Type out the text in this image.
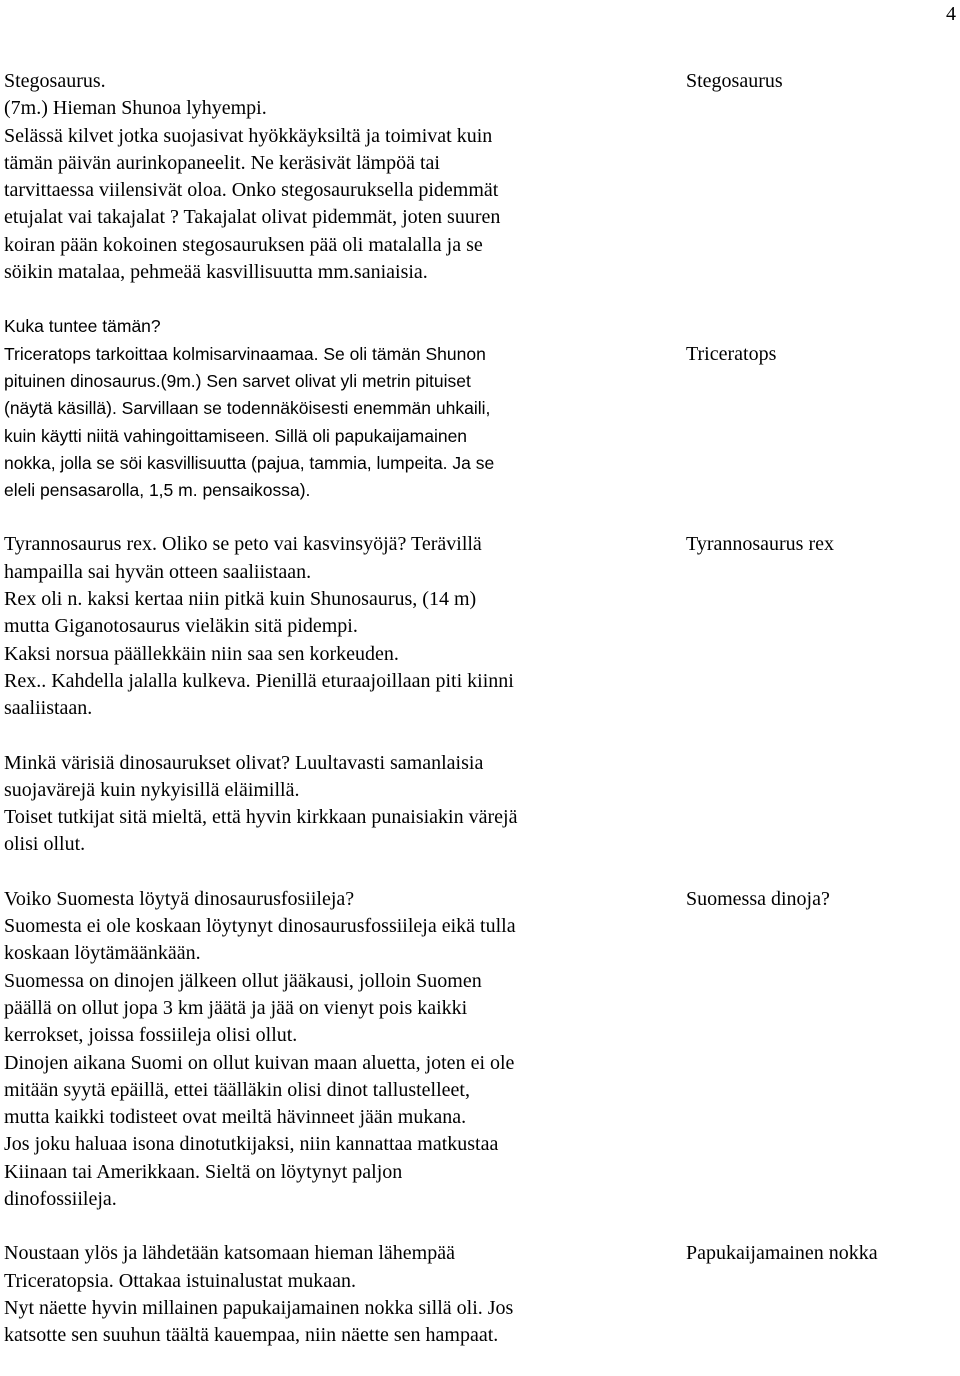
4
Stegosaurus.
(7m.) Hieman Shunoa lyhyempi.
Selässä kilvet jotka suojasivat hyökkäyksiltä ja toimivat kuin
tämän päivän aurinkopaneelit. Ne keräsivät lämpöä tai
tarvittaessa viilensivät oloa. Onko stegosauruksella pidemmät
etujalat vai takajalat ? Takajalat olivat pidemmät, joten suuren
koiran pään kokoinen stegosauruksen pää oli matalalla ja se
söikin matalaa, pehmeää kasvillisuutta mm.saniaisia.
Stegosaurus
Kuka tuntee tämän?
Triceratops tarkoittaa kolmisarvinaamaa. Se oli tämän Shunon
pituinen dinosaurus.(9m.) Sen sarvet olivat yli metrin pituiset
(näytä käsillä). Sarvillaan se todennäköisesti enemmän uhkaili,
kuin käytti niitä vahingoittamiseen. Sillä oli papukaijamainen
nokka, jolla se söi kasvillisuutta (pajua, tammia, lumpeita. Ja se
eleli pensasarolla, 1,5 m. pensaikossa).
Triceratops
Tyrannosaurus rex. Oliko se peto vai kasvinsyöjä? Terävillä
hampailla sai hyvän otteen saaliistaan.
Rex oli n. kaksi kertaa niin pitkä kuin Shunosaurus, (14 m)
mutta Giganotosaurus vieläkin sitä pidempi.
Kaksi norsua päällekkäin niin saa sen korkeuden.
Rex.. Kahdella jalalla kulkeva. Pienillä eturaajoillaan piti kiinni
saaliistaan.
Tyrannosaurus rex
Minkä värisiä dinosaurukset olivat? Luultavasti samanlaisia
suojavärejä kuin nykyisillä eläimillä.
Toiset tutkijat sitä mieltä, että hyvin kirkkaan punaisiakin värejä
olisi ollut.
Voiko Suomesta löytyä dinosaurusfosiileja?
Suomesta ei ole koskaan löytynyt dinosaurusfossiileja eikä tulla
koskaan löytämäänkään.
Suomessa on dinojen jälkeen ollut jääkausi, jolloin Suomen
päällä on ollut jopa 3 km jäätä ja jää on vienyt pois kaikki
kerrokset, joissa fossiileja olisi ollut.
Dinojen aikana Suomi on ollut kuivan maan aluetta, joten ei ole
mitään syytä epäillä, ettei täälläkin olisi dinot tallustelleet,
mutta kaikki todisteet ovat meiltä hävinneet jään mukana.
Jos joku haluaa isona dinotutkijaksi, niin kannattaa matkustaa
Kiinaan tai Amerikkaan. Sieltä on löytynyt paljon
dinofossiileja.
Suomessa dinoja?
Noustaan ylös ja lähdetään katsomaan hieman lähempää
Triceratopsia. Ottakaa istuinalustat mukaan.
Nyt näette hyvin millainen papukaijamainen nokka sillä oli. Jos
katsotte sen suuhun täältä kauempaa, niin näette sen hampaat.
Papukaijamainen nokka
